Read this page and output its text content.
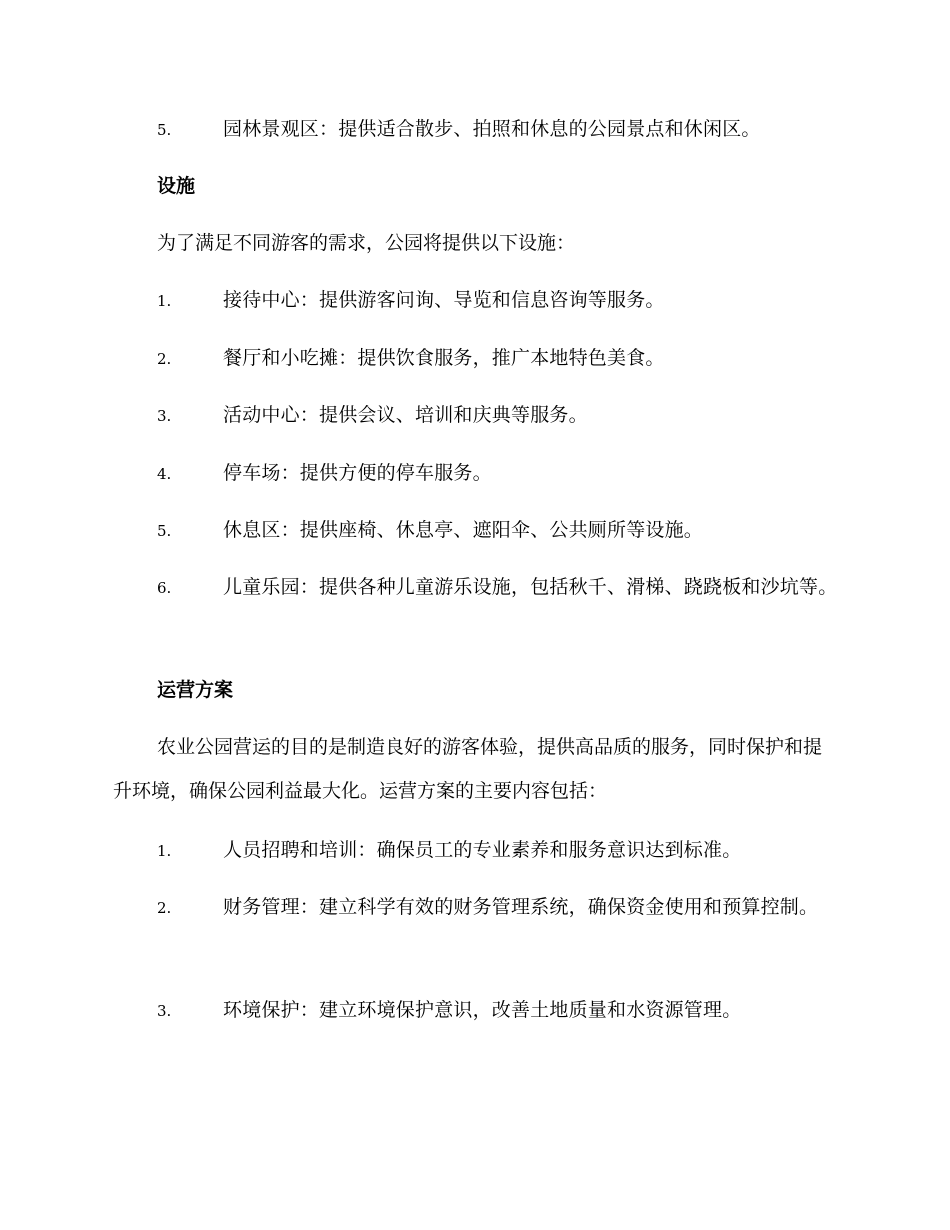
5.	园林景观区：提供适合散步、拍照和休息的公园景点和休闲区。
设施
为了满足不同游客的需求，公园将提供以下设施：
1.	接待中心：提供游客问询、导览和信息咨询等服务。
2.	餐厅和小吃摊：提供饮食服务，推广本地特色美食。
3.	活动中心：提供会议、培训和庆典等服务。
4.	停车场：提供方便的停车服务。
5.	休息区：提供座椅、休息亭、遮阳伞、公共厕所等设施。
6.	儿童乐园：提供各种儿童游乐设施，包括秋千、滑梯、跷跷板和沙坑等。
运营方案
农业公园营运的目的是制造良好的游客体验，提供高品质的服务，同时保护和提升环境，确保公园利益最大化。运营方案的主要内容包括：
1.	人员招聘和培训：确保员工的专业素养和服务意识达到标准。
2.	财务管理：建立科学有效的财务管理系统，确保资金使用和预算控制。
3.	环境保护：建立环境保护意识，改善土地质量和水资源管理。
